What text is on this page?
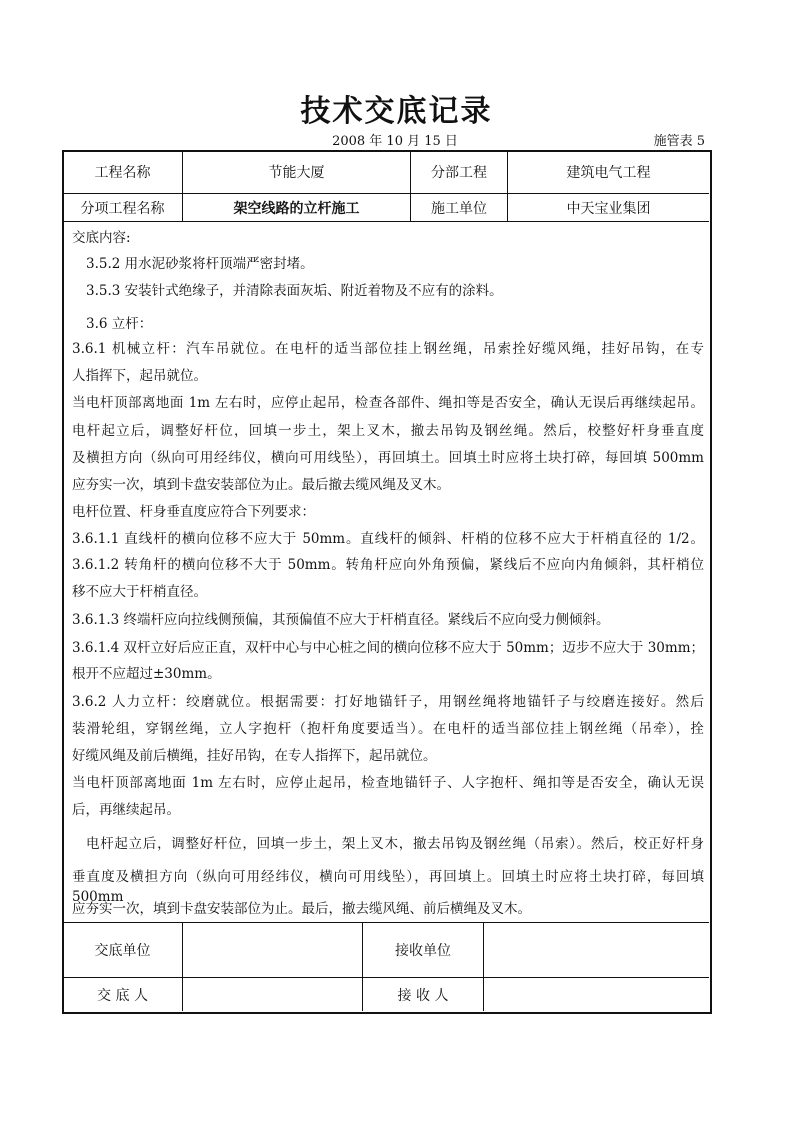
技术交底记录
2008 年 10 月 15 日	施管表 5
工程名称	节能大厦	分部工程	建筑电气工程
分项工程名称	架空线路的立杆施工	施工单位	中天宝业集团
交底内容:
3.5.2 用水泥砂浆将杆顶端严密封堵。
3.5.3 安装针式绝缘子，并清除表面灰垢、附近着物及不应有的涂料。
3.6 立杆：
3.6.1 机械立杆：汽车吊就位。在电杆的适当部位挂上钢丝绳，吊索拴好缆风绳，挂好吊钩，在专
人指挥下，起吊就位。
当电杆顶部离地面 1m 左右时，应停止起吊，检查各部件、绳扣等是否安全，确认无误后再继续起吊。
电杆起立后，调整好杆位，回填一步土，架上叉木，撤去吊钩及钢丝绳。然后，校整好杆身垂直度
及横担方向（纵向可用经纬仪，横向可用线坠），再回填土。回填土时应将土块打碎，每回填 500mm
应夯实一次，填到卡盘安装部位为止。最后撤去缆风绳及叉木。
电杆位置、杆身垂直度应符合下列要求：
3.6.1.1 直线杆的横向位移不应大于 50mm。直线杆的倾斜、杆梢的位移不应大于杆梢直径的 1/2。
3.6.1.2 转角杆的横向位移不大于 50mm。转角杆应向外角预偏，紧线后不应向内角倾斜，其杆梢位
移不应大于杆梢直径。
3.6.1.3 终端杆应向拉线侧预偏，其预偏值不应大于杆梢直径。紧线后不应向受力侧倾斜。
3.6.1.4 双杆立好后应正直，双杆中心与中心桩之间的横向位移不应大于 50mm；迈步不应大于 30mm；
根开不应超过±30mm。
3.6.2 人力立杆：绞磨就位。根据需要：打好地锚钎子，用钢丝绳将地锚钎子与绞磨连接好。然后
装滑轮组，穿钢丝绳，立人字抱杆（抱杆角度要适当）。在电杆的适当部位挂上钢丝绳（吊牵），拴
好缆风绳及前后横绳，挂好吊钩，在专人指挥下，起吊就位。
当电杆顶部离地面 1m 左右时，应停止起吊，检查地锚钎子、人字抱杆、绳扣等是否安全，确认无误
后，再继续起吊。
电杆起立后，调整好杆位，回填一步土，架上叉木，撤去吊钩及钢丝绳（吊索）。然后，校正好杆身
垂直度及横担方向（纵向可用经纬仪，横向可用线坠），再回填上。回填土时应将土块打碎，每回填 500mm
应夯实一次，填到卡盘安装部位为止。最后，撤去缆风绳、前后横绳及叉木。
交底单位	接收单位
交 底 人	接 收 人
